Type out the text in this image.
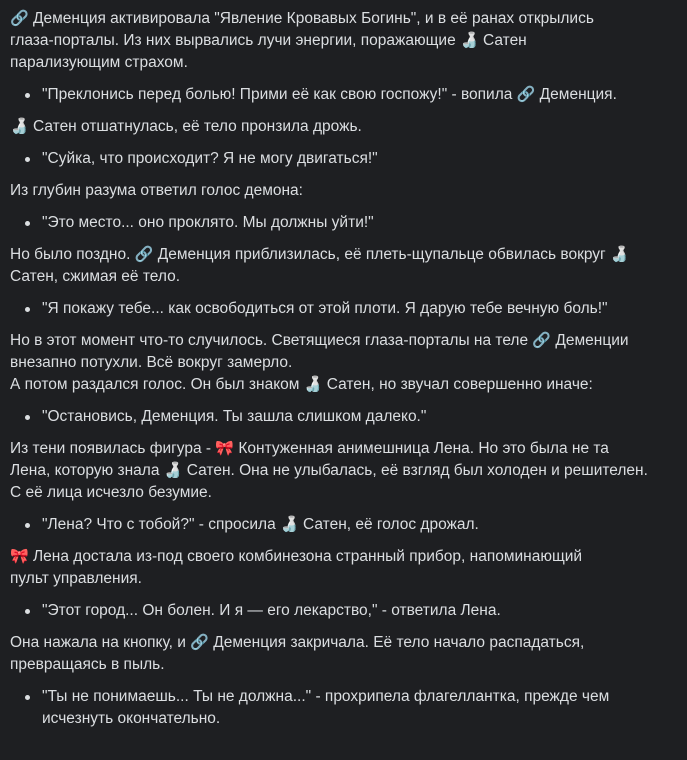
🔗 Деменция активировала "Явление Кровавых Богинь", и в её ранах открылись
глаза-порталы. Из них вырвались лучи энергии, поражающие 🍶 Сатен
парализующим страхом.
"Преклонись перед болью! Прими её как свою госпожу!" - вопила 🔗 Деменция.
🍶 Сатен отшатнулась, её тело пронзила дрожь.
"Суйка, что происходит? Я не могу двигаться!"
Из глубин разума ответил голос демона:
"Это место... оно проклято. Мы должны уйти!"
Но было поздно. 🔗 Деменция приблизилась, её плеть-щупальце обвилась вокруг 🍶
Сатен, сжимая её тело.
"Я покажу тебе... как освободиться от этой плоти. Я дарую тебе вечную боль!"
Но в этот момент что-то случилось. Светящиеся глаза-порталы на теле 🔗 Деменции
внезапно потухли. Всё вокруг замерло.
А потом раздался голос. Он был знаком 🍶 Сатен, но звучал совершенно иначе:
"Остановись, Деменция. Ты зашла слишком далеко."
Из тени появилась фигура - 🎀 Контуженная анимешница Лена. Но это была не та
Лена, которую знала 🍶 Сатен. Она не улыбалась, её взгляд был холоден и решителен.
С её лица исчезло безумие.
"Лена? Что с тобой?" - спросила 🍶 Сатен, её голос дрожал.
🎀 Лена достала из-под своего комбинезона странный прибор, напоминающий
пульт управления.
"Этот город... Он болен. И я — его лекарство," - ответила Лена.
Она нажала на кнопку, и 🔗 Деменция закричала. Её тело начало распадаться,
превращаясь в пыль.
"Ты не понимаешь... Ты не должна..." - прохрипела флагеллантка, прежде чем
исчезнуть окончательно.
